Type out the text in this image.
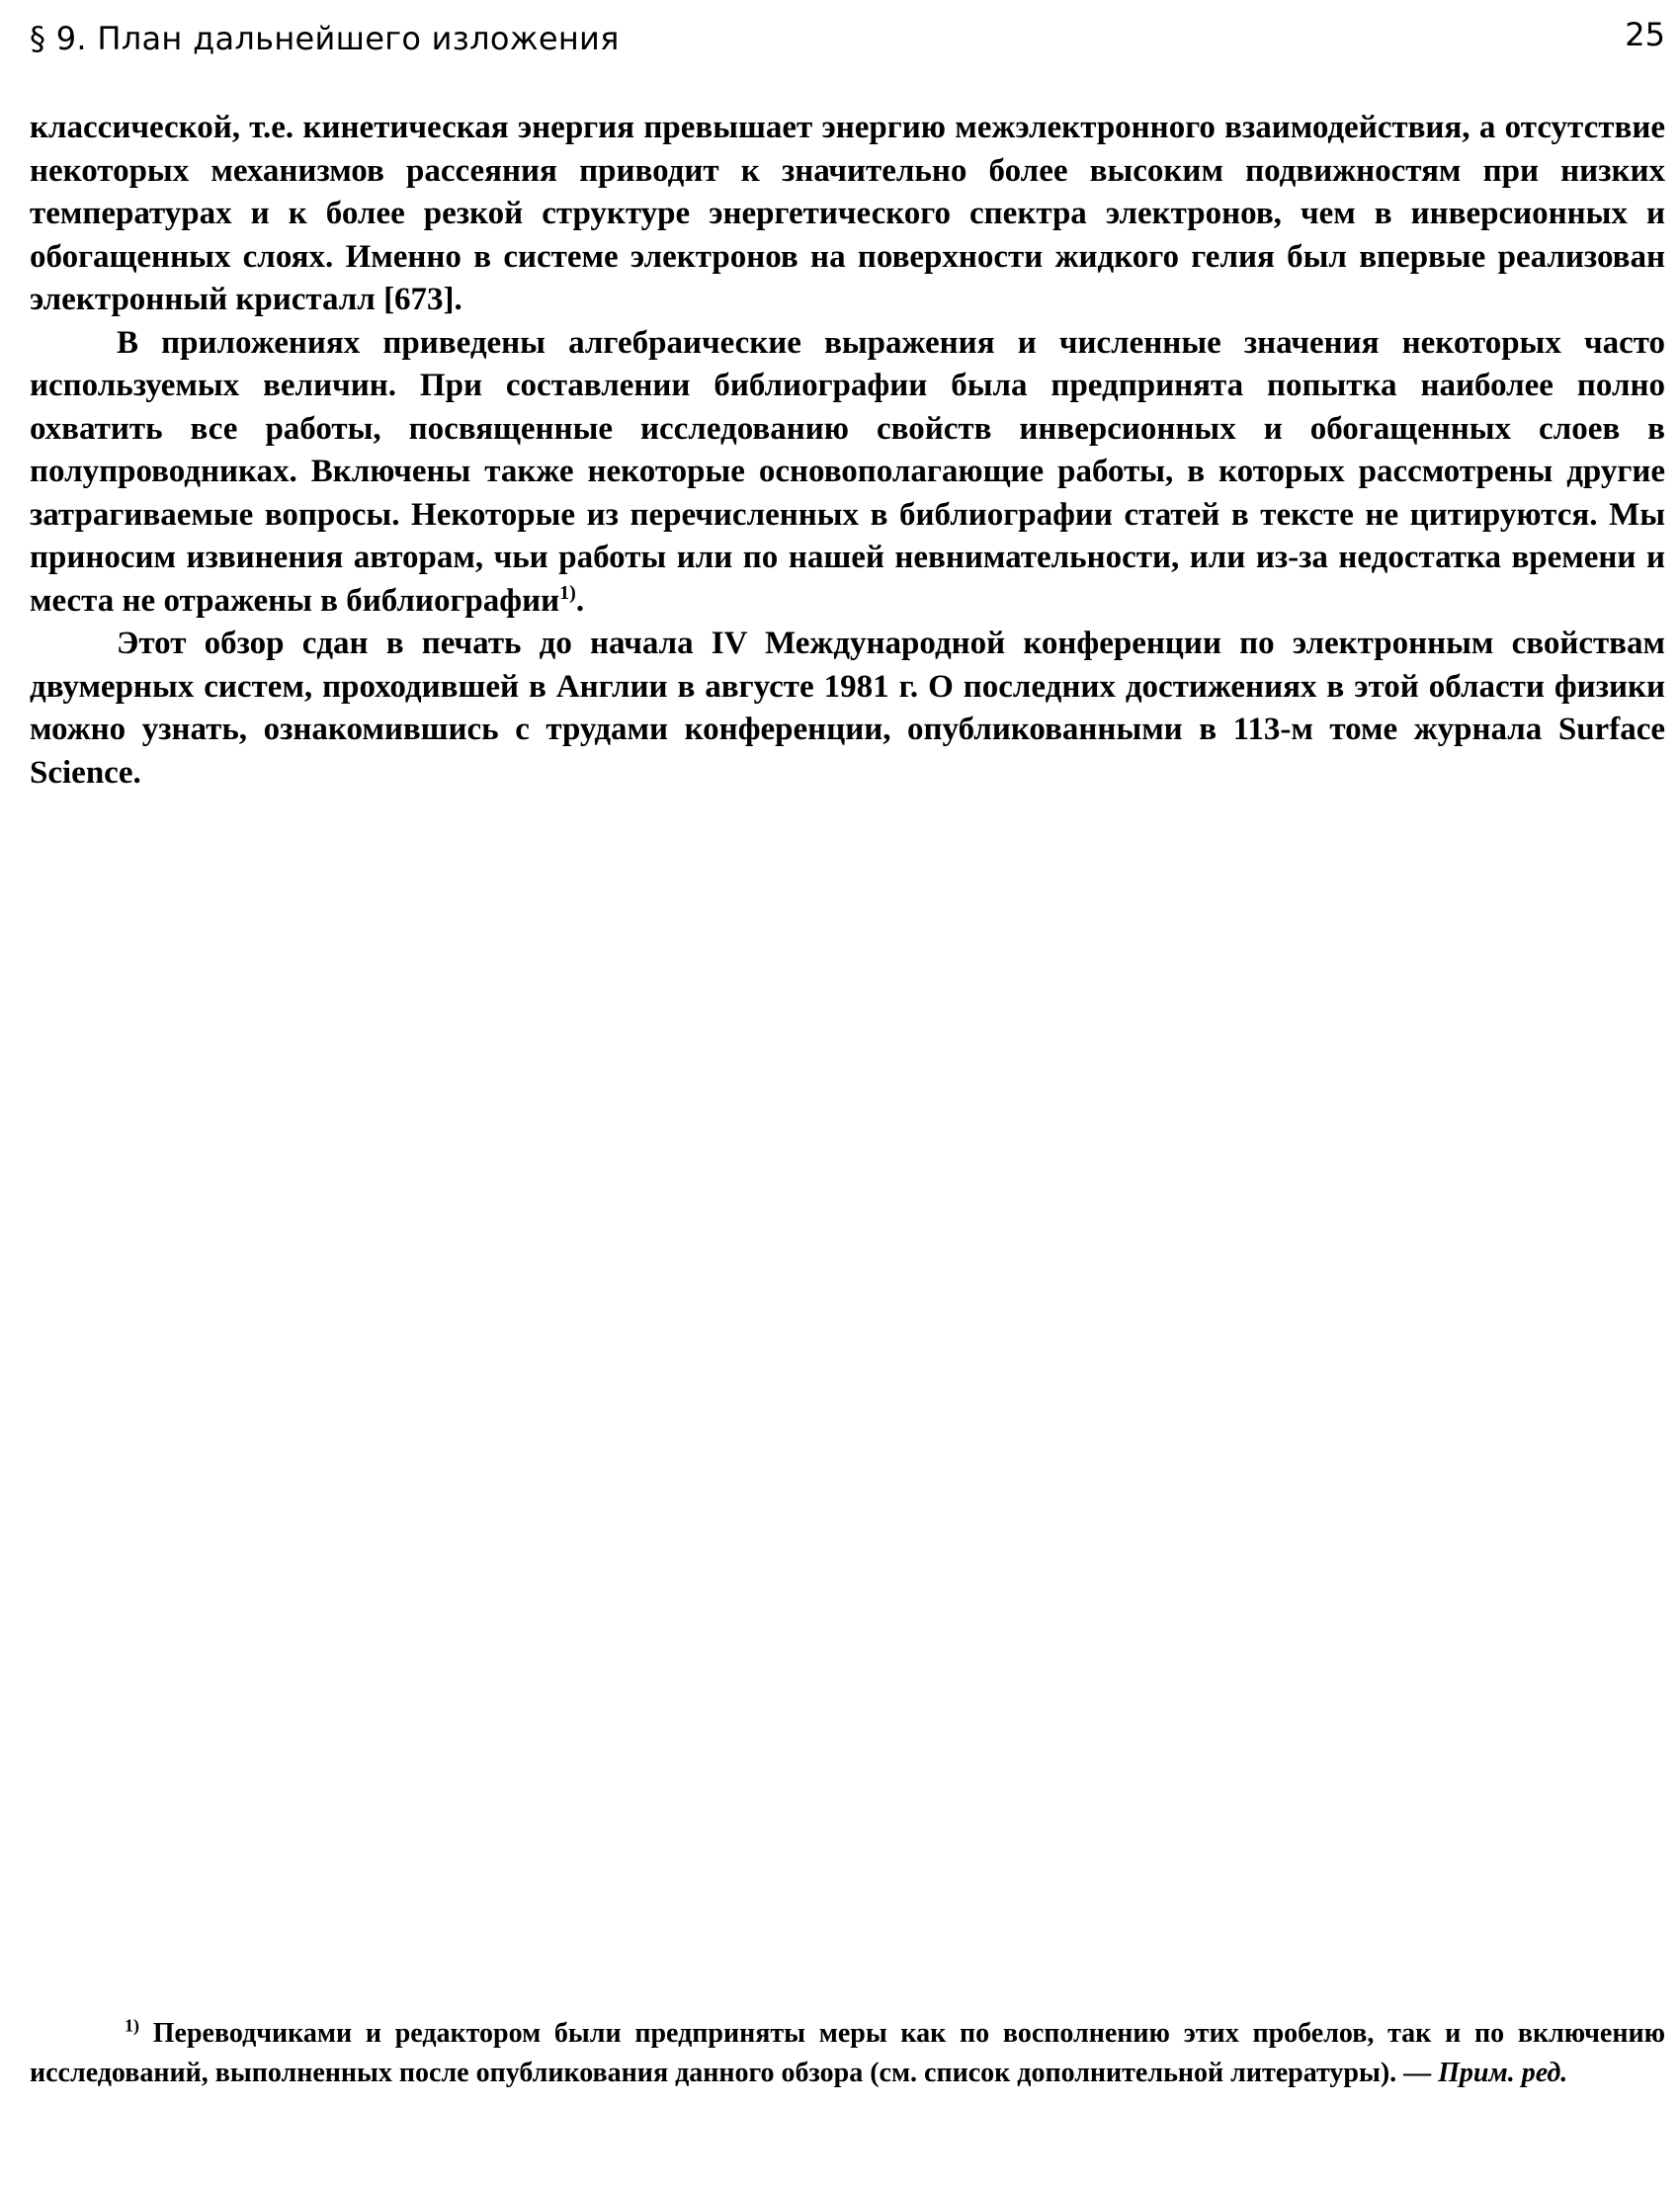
§ 9. План дальнейшего изложения	25

классической, т.е. кинетическая энергия превышает энергию межэлектронного взаимодействия, а отсутствие некоторых механизмов рассеяния приводит к значительно более высоким подвижностям при низких температурах и к более резкой структуре энергетического спектра электронов, чем в инверсионных и обогащенных слоях. Именно в системе электронов на поверхности жидкого гелия был впервые реализован электронный кристалл [673].

В приложениях приведены алгебраические выражения и численные значения некоторых часто используемых величин. При составлении библиографии была предпринята попытка наиболее полно охватить все работы, посвященные исследованию свойств инверсионных и обогащенных слоев в полупроводниках. Включены также некоторые основополагающие работы, в которых рассмотрены другие затрагиваемые вопросы. Некоторые из перечисленных в библиографии статей в тексте не цитируются. Мы приносим извинения авторам, чьи работы или по нашей невнимательности, или из-за недостатка времени и места не отражены в библиографии$^{1)}$.

Этот обзор сдан в печать до начала IV Международной конференции по электронным свойствам двумерных систем, проходившей в Англии в августе 1981 г. О последних достижениях в этой области физики можно узнать, ознакомившись с трудами конференции, опубликованными в 113-м томе журнала Surface Science.

$^{1)}$ Переводчиками и редактором были предприняты меры как по восполнению этих пробелов, так и по включению исследований, выполненных после опубликования данного обзора (см. список дополнительной литературы). — Прим. ред.
